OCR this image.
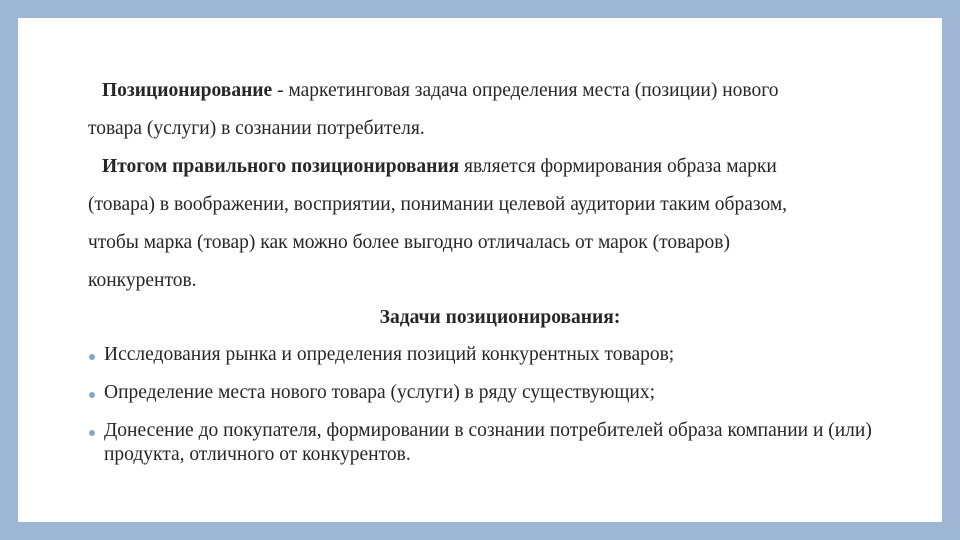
Позиционирование - маркетинговая задача определения места (позиции) нового
товара (услуги) в сознании потребителя.
Итогом правильного позиционирования является формирования образа марки
(товара) в воображении, восприятии, понимании целевой аудитории таким образом,
чтобы марка (товар) как можно более выгодно отличалась от марок (товаров)
конкурентов.
Задачи позиционирования:
Исследования рынка и определения позиций конкурентных товаров;
Определение места нового товара (услуги) в ряду существующих;
Донесение до покупателя, формировании в сознании потребителей образа компании и (или) продукта, отличного от конкурентов.
